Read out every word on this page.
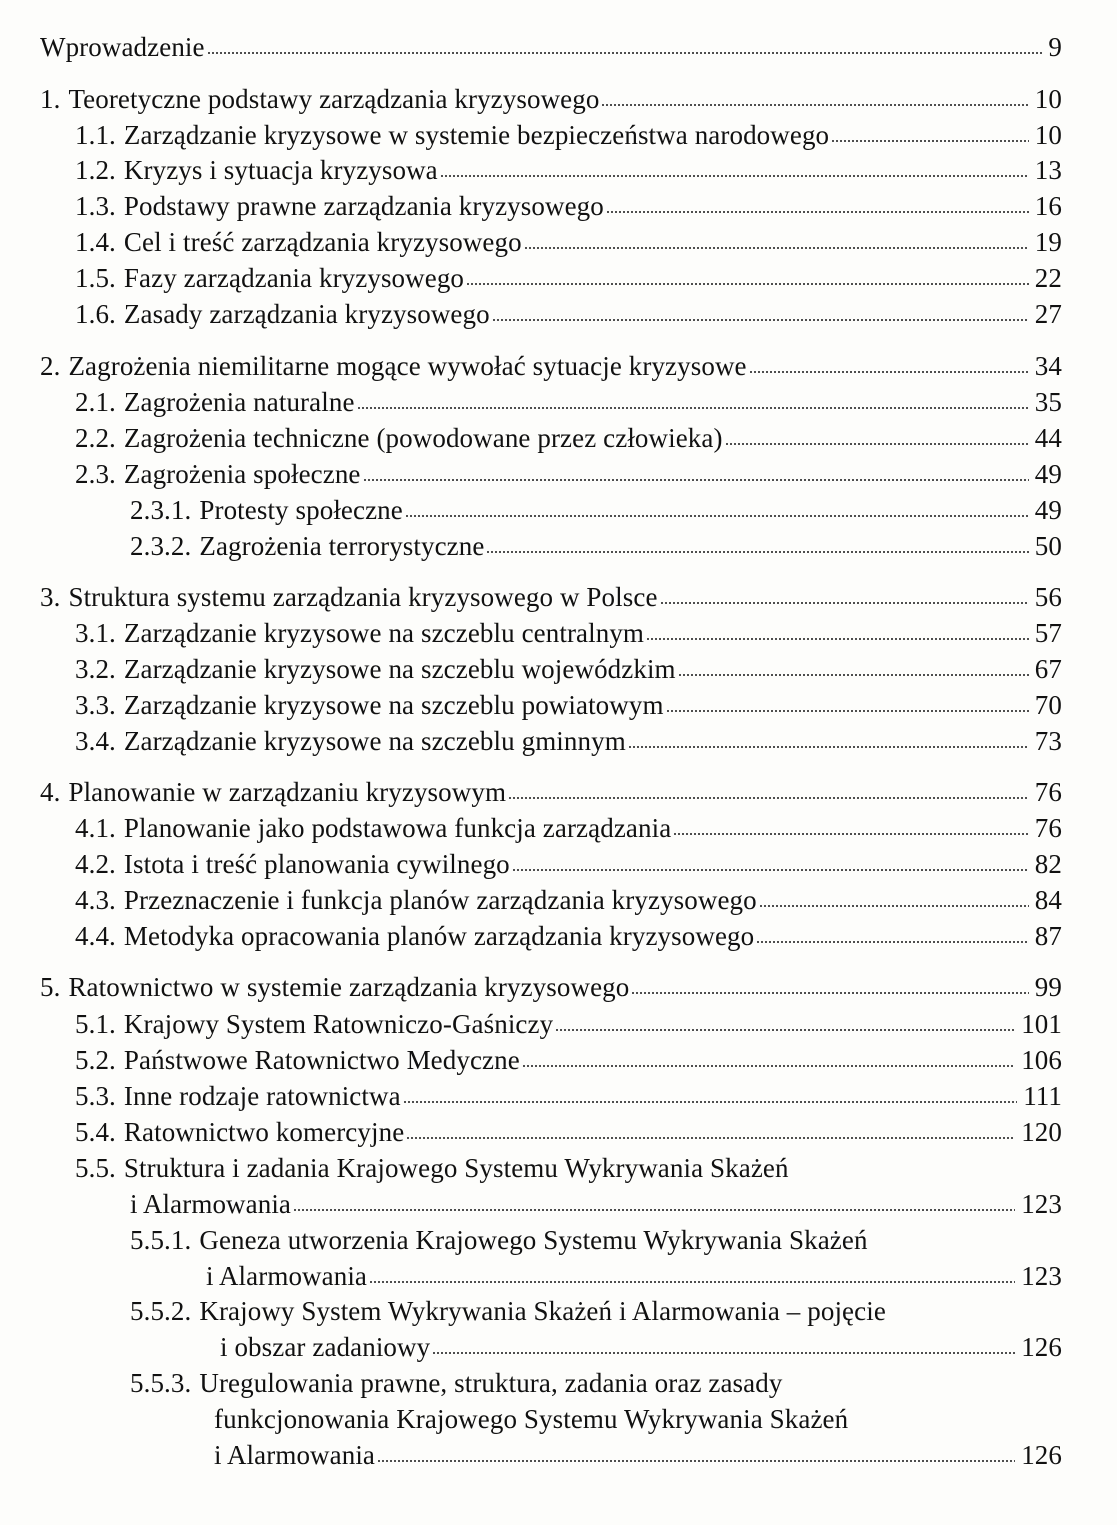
Wprowadzenie	9
1. Teoretyczne podstawy zarządzania kryzysowego	10
1.1. Zarządzanie kryzysowe w systemie bezpieczeństwa narodowego	10
1.2. Kryzys i sytuacja kryzysowa	13
1.3. Podstawy prawne zarządzania kryzysowego	16
1.4. Cel i treść zarządzania kryzysowego	19
1.5. Fazy zarządzania kryzysowego	22
1.6. Zasady zarządzania kryzysowego	27
2. Zagrożenia niemilitarne mogące wywołać sytuacje kryzysowe	34
2.1. Zagrożenia naturalne	35
2.2. Zagrożenia techniczne (powodowane przez człowieka)	44
2.3. Zagrożenia społeczne	49
2.3.1. Protesty społeczne	49
2.3.2. Zagrożenia terrorystyczne	50
3. Struktura systemu zarządzania kryzysowego w Polsce	56
3.1. Zarządzanie kryzysowe na szczeblu centralnym	57
3.2. Zarządzanie kryzysowe na szczeblu wojewódzkim	67
3.3. Zarządzanie kryzysowe na szczeblu powiatowym	70
3.4. Zarządzanie kryzysowe na szczeblu gminnym	73
4. Planowanie w zarządzaniu kryzysowym	76
4.1. Planowanie jako podstawowa funkcja zarządzania	76
4.2. Istota i treść planowania cywilnego	82
4.3. Przeznaczenie i funkcja planów zarządzania kryzysowego	84
4.4. Metodyka opracowania planów zarządzania kryzysowego	87
5. Ratownictwo w systemie zarządzania kryzysowego	99
5.1. Krajowy System Ratowniczo-Gaśniczy	101
5.2. Państwowe Ratownictwo Medyczne	106
5.3. Inne rodzaje ratownictwa	111
5.4. Ratownictwo komercyjne	120
5.5. Struktura i zadania Krajowego Systemu Wykrywania Skażeń
i Alarmowania	123
5.5.1. Geneza utworzenia Krajowego Systemu Wykrywania Skażeń
i Alarmowania	123
5.5.2. Krajowy System Wykrywania Skażeń i Alarmowania – pojęcie
i obszar zadaniowy	126
5.5.3. Uregulowania prawne, struktura, zadania oraz zasady
funkcjonowania Krajowego Systemu Wykrywania Skażeń
i Alarmowania	126
